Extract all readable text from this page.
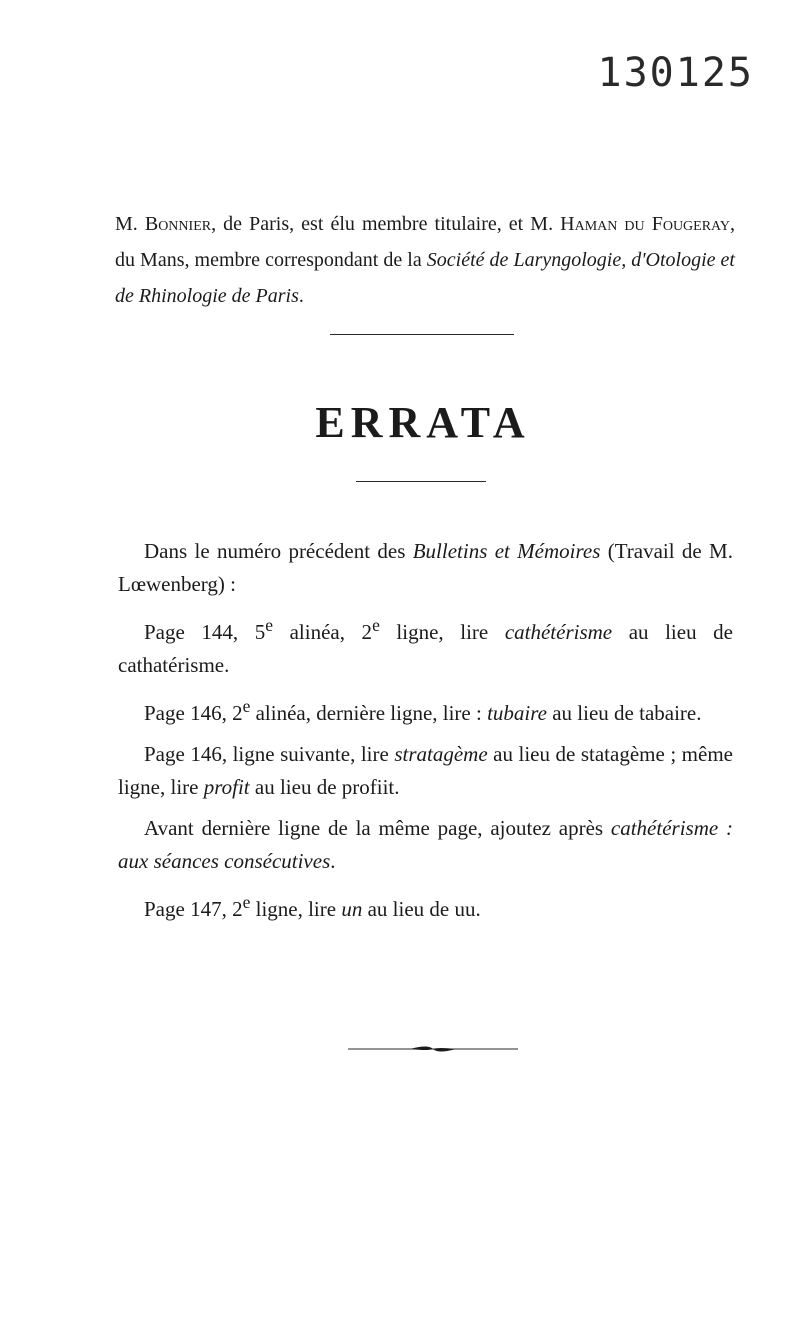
130125
M. Bonnier, de Paris, est élu membre titulaire, et M. Haman du Fougeray, du Mans, membre correspondant de la Société de Laryngologie, d'Otologie et de Rhinologie de Paris.
ERRATA

Dans le numéro précédent des Bulletins et Mémoires (Travail de M. Lœwenberg) :

Page 144, 5e alinéa, 2e ligne, lire cathétérisme au lieu de cathatérisme.

Page 146, 2e alinéa, dernière ligne, lire : tubaire au lieu de tabaire.

Page 146, ligne suivante, lire stratagème au lieu de statagème ; même ligne, lire profit au lieu de profiit.

Avant dernière ligne de la même page, ajoutez après cathétérisme : aux séances consécutives.

Page 147, 2e ligne, lire un au lieu de uu.
